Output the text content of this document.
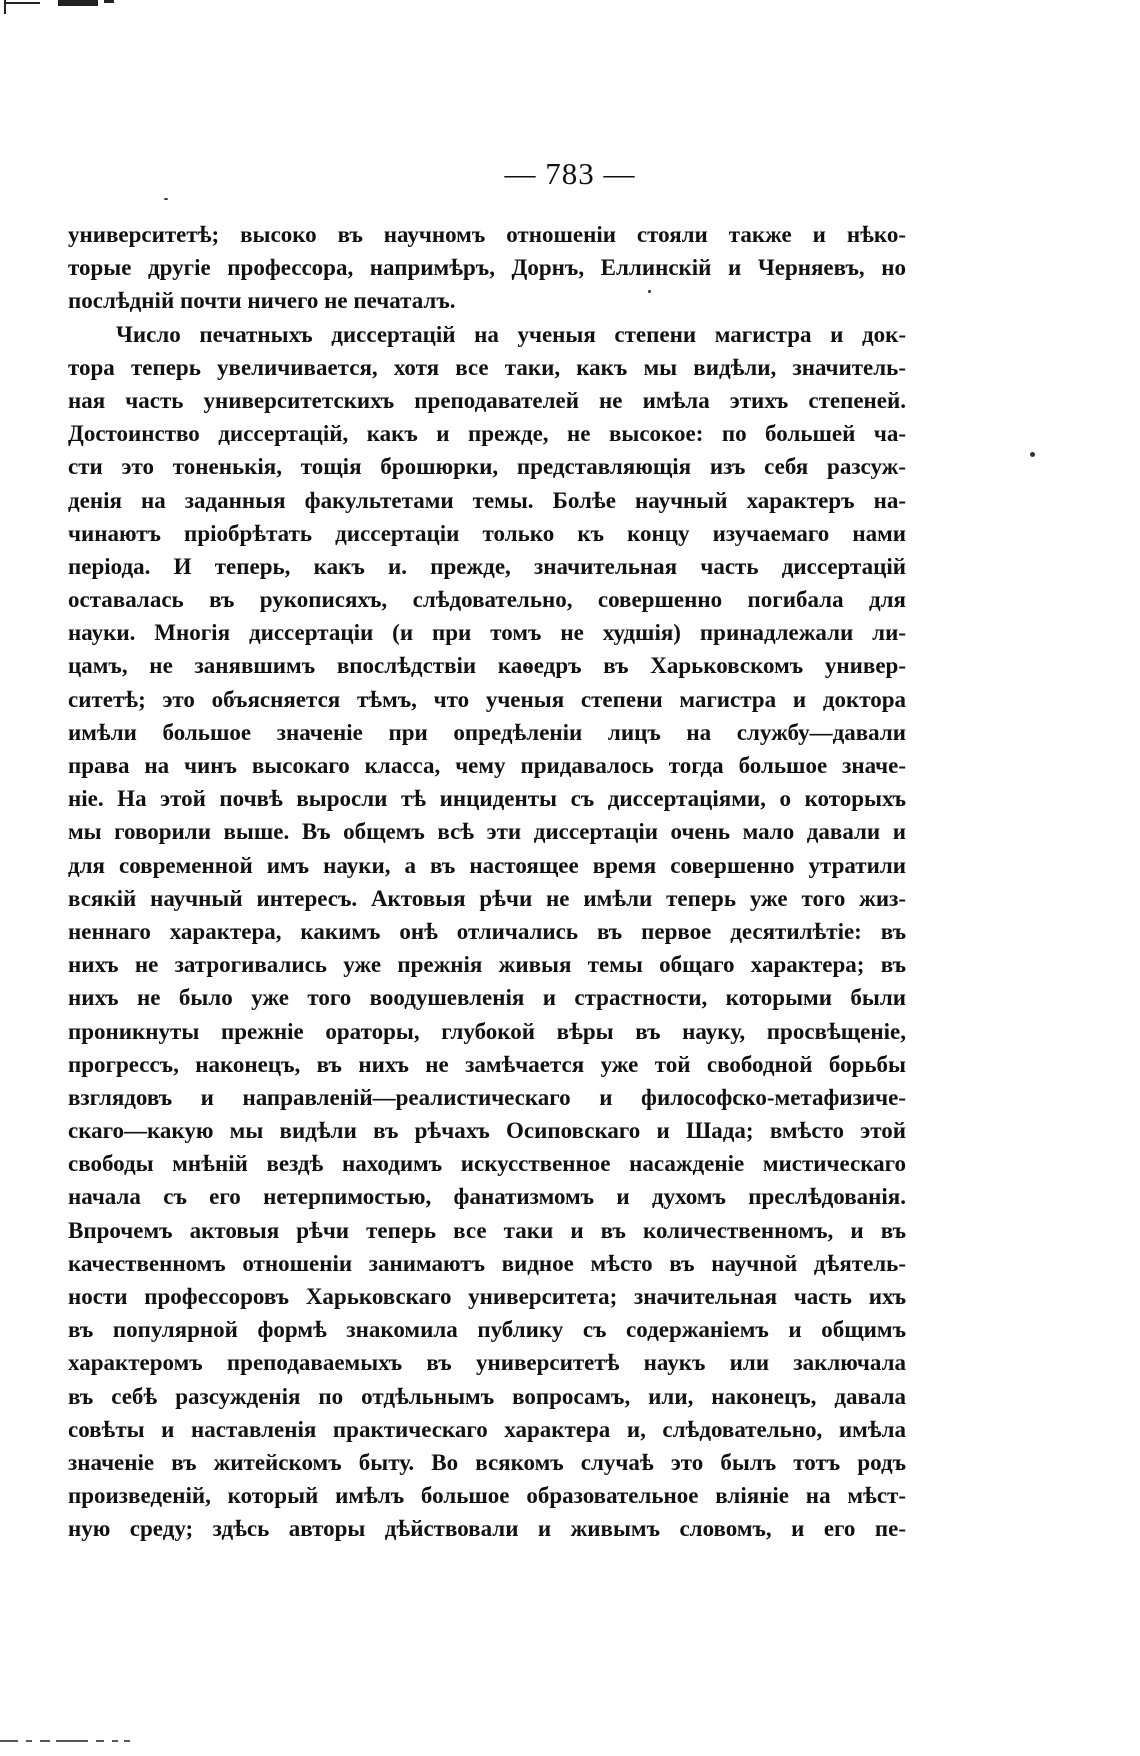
— 783 —
университетѣ; высоко въ научномъ отношеніи стояли также и нѣко-
торые другіе профессора, напримѣръ, Дорнъ, Еллинскій и Черняевъ, но
послѣдній почти ничего не печаталъ.
Число печатныхъ диссертацій на ученыя степени магистра и док-
тора теперь увеличивается, хотя все таки, какъ мы видѣли, значитель-
ная часть университетскихъ преподавателей не имѣла этихъ степеней.
Достоинство диссертацій, какъ и прежде, не высокое: по большей ча-
сти это тоненькія, тощія брошюрки, представляющія изъ себя разсуж-
денія на заданныя факультетами темы. Болѣе научный характеръ на-
чинаютъ пріобрѣтать диссертаціи только къ концу изучаемаго нами
періода. И теперь, какъ и. прежде, значительная часть диссертацій
оставалась въ рукописяхъ, слѣдовательно, совершенно погибала для
науки. Многія диссертаціи (и при томъ не худшія) принадлежали ли-
цамъ, не занявшимъ впослѣдствіи каѳедръ въ Харьковскомъ универ-
ситетѣ; это объясняется тѣмъ, что ученыя степени магистра и доктора
имѣли большое значеніе при опредѣленіи лицъ на службу—давали
права на чинъ высокаго класса, чему придавалось тогда большое значе-
ніе. На этой почвѣ выросли тѣ инциденты съ диссертаціями, о которыхъ
мы говорили выше. Въ общемъ всѣ эти диссертаціи очень мало давали и
для современной имъ науки, а въ настоящее время совершенно утратили
всякій научный интересъ. Актовыя рѣчи не имѣли теперь уже того жиз-
неннаго характера, какимъ онѣ отличались въ первое десятилѣтіе: въ
нихъ не затрогивались уже прежнія живыя темы общаго характера; въ
нихъ не было уже того воодушевленія и страстности, которыми были
проникнуты прежніе ораторы, глубокой вѣры въ науку, просвѣщеніе,
прогрессъ, наконецъ, въ нихъ не замѣчается уже той свободной борьбы
взглядовъ и направленій—реалистическаго и философско-метафизиче-
скаго—какую мы видѣли въ рѣчахъ Осиповскаго и Шада; вмѣсто этой
свободы мнѣній вездѣ находимъ искусственное насажденіе мистическаго
начала съ его нетерпимостью, фанатизмомъ и духомъ преслѣдованія.
Впрочемъ актовыя рѣчи теперь все таки и въ количественномъ, и въ
качественномъ отношеніи занимаютъ видное мѣсто въ научной дѣятель-
ности профессоровъ Харьковскаго университета; значительная часть ихъ
въ популярной формѣ знакомила публику съ содержаніемъ и общимъ
характеромъ преподаваемыхъ въ университетѣ наукъ или заключала
въ себѣ разсужденія по отдѣльнымъ вопросамъ, или, наконецъ, давала
совѣты и наставленія практическаго характера и, слѣдовательно, имѣла
значеніе въ житейскомъ быту. Во всякомъ случаѣ это былъ тотъ родъ
произведеній, который имѣлъ большое образовательное вліяніе на мѣст-
ную среду; здѣсь авторы дѣйствовали и живымъ словомъ, и его пе-
